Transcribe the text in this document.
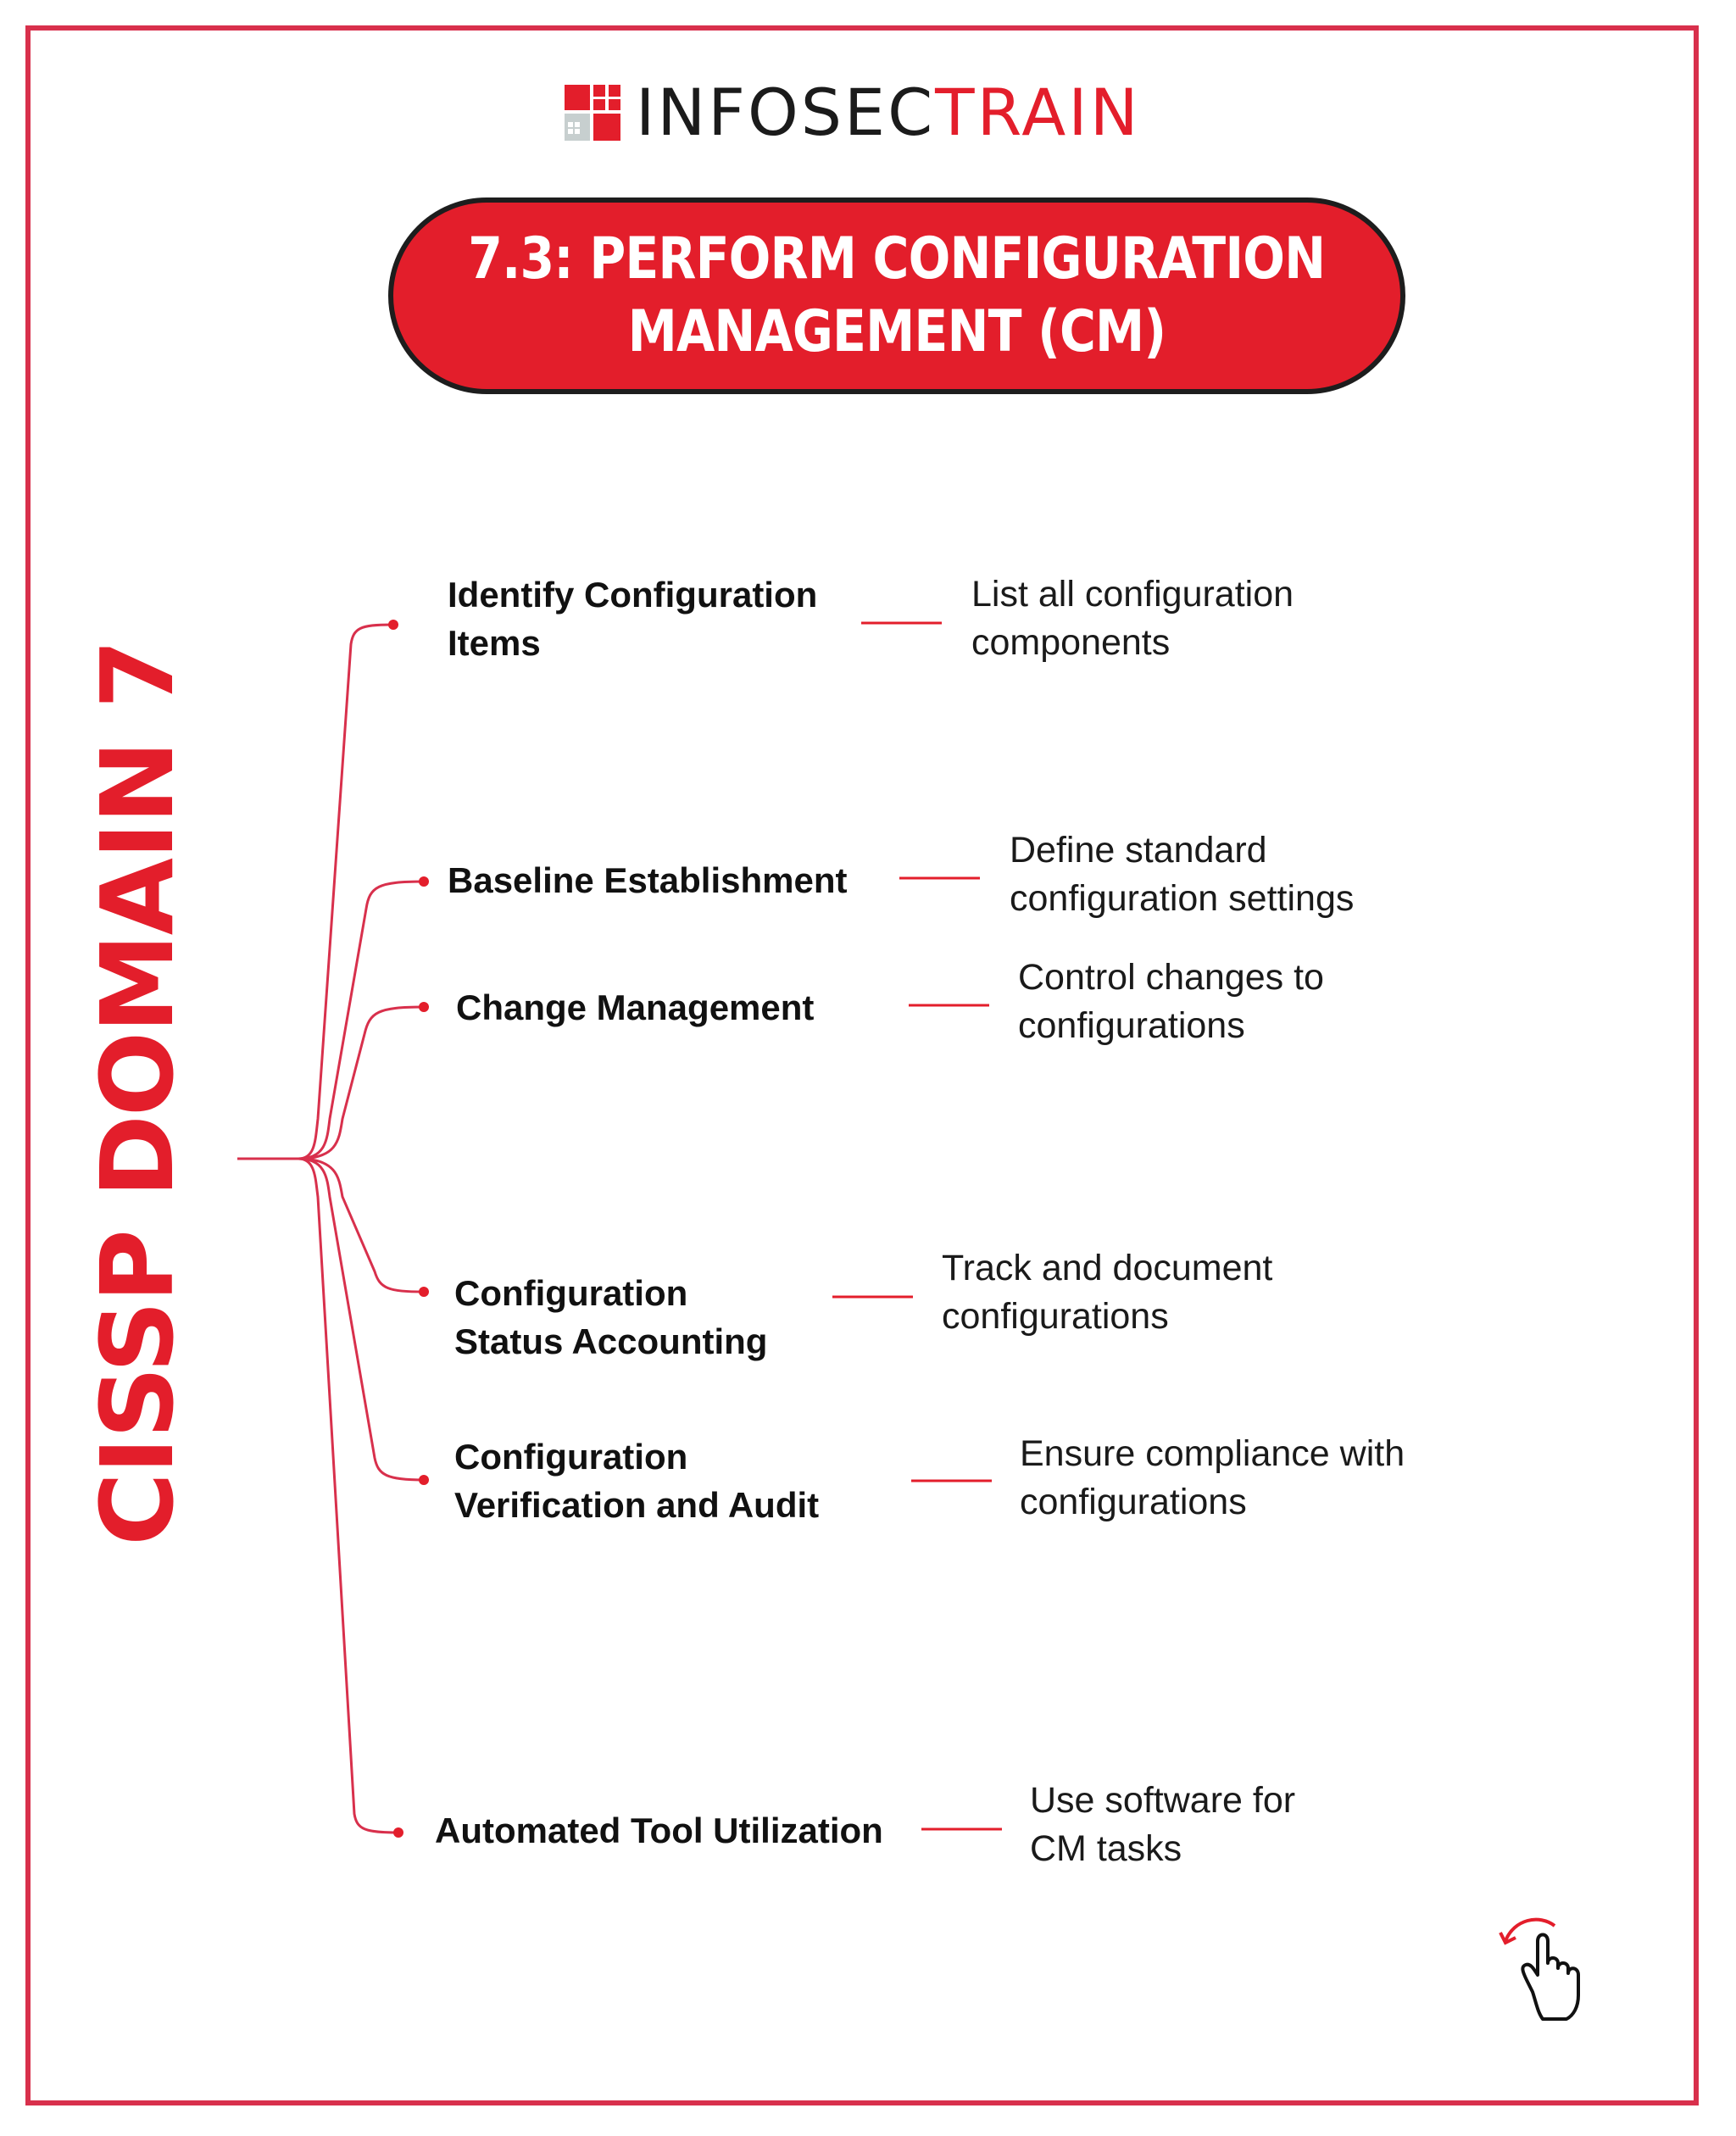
INFOSECTRAIN
7.3: PERFORM CONFIGURATION
MANAGEMENT (CM)
CISSP DOMAIN 7
Identify Configuration
Items
List all configuration
components
Baseline Establishment
Define standard
configuration settings
Change Management
Control changes to
configurations
Configuration
Status Accounting
Track and document
configurations
Configuration
Verification and Audit
Ensure compliance with
configurations
Automated Tool Utilization
Use software for
CM tasks
